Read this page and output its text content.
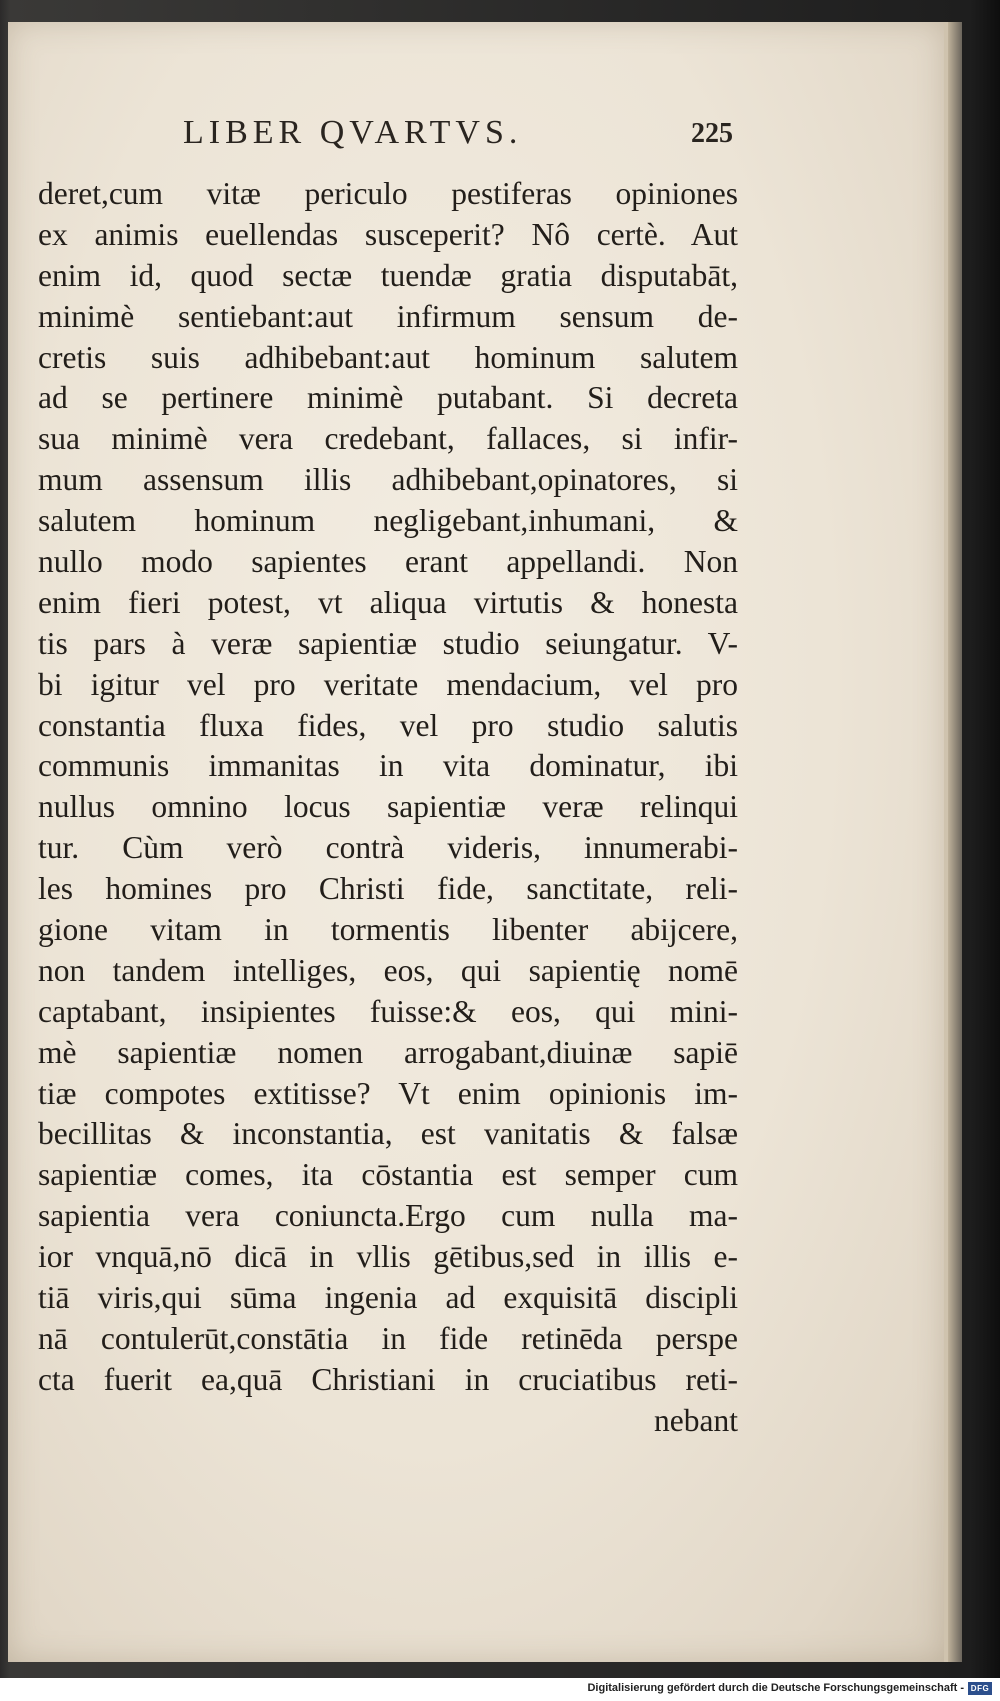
LIBER QVARTVS.	225
deret,cum vitæ periculo pestiferas opiniones
ex animis euellendas susceperit? Nô certè. Aut
enim id, quod sectæ tuendæ gratia disputabāt,
minimè sentiebant:aut infirmum sensum de-
cretis suis adhibebant:aut hominum salutem
ad se pertinere minimè putabant. Si decreta
sua minimè vera credebant, fallaces, si infir-
mum assensum illis adhibebant,opinatores, si
salutem hominum negligebant,inhumani, &
nullo modo sapientes erant appellandi. Non
enim fieri potest, vt aliqua virtutis & honesta
tis pars à veræ sapientiæ studio seiungatur. V-
bi igitur vel pro veritate mendacium, vel pro
constantia fluxa fides, vel pro studio salutis
communis immanitas in vita dominatur, ibi
nullus omnino locus sapientiæ veræ relinqui
tur. Cùm verò contrà videris, innumerabi-
les homines pro Christi fide, sanctitate, reli-
gione vitam in tormentis libenter abijcere,
non tandem intelliges, eos, qui sapientię nomē
captabant, insipientes fuisse:& eos, qui mini-
mè sapientiæ nomen arrogabant,diuinæ sapiē
tiæ compotes extitisse? Vt enim opinionis im-
becillitas & inconstantia, est vanitatis & falsæ
sapientiæ comes, ita cōstantia est semper cum
sapientia vera coniuncta.Ergo cum nulla ma-
ior vnquā,nō dicā in vllis gētibus,sed in illis e-
tiā viris,qui sūma ingenia ad exquisitā discipli
nā contulerūt,constātia in fide retinēda perspe
cta fuerit ea,quā Christiani in cruciatibus reti-
nebant
Digitalisierung gefördert durch die Deutsche Forschungsgemeinschaft - DFG
